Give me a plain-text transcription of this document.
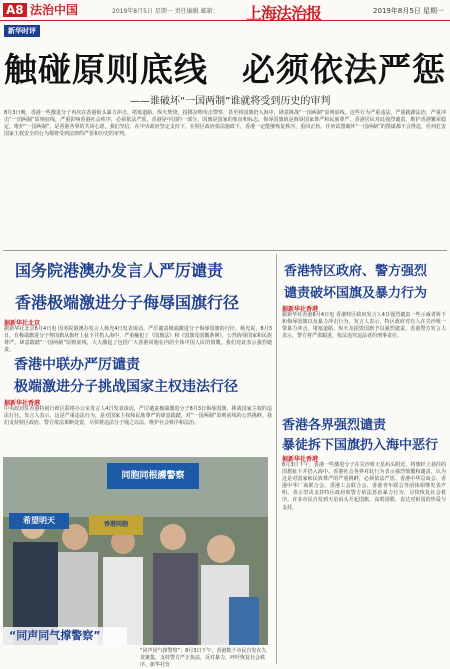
A8 法治中国	2019年8月5日 星期一 责任编辑 邮箱： 上海法治报	2019年8月5日 星期一
新华时评
触碰原则底线　必须依法严惩
——谁破坏“一国两制”谁就将受到历史的审判
8月3日晚，香港一些激进分子再次在香港街头暴力冲击、堵塞道路、纵火焚烧，投掷杂物攻击警察，甚至将国旗扔入海中，肆意挑战“一国两制”原则底线。这些行为严重违法，严重践踏法治，严重冲击“一国两制”原则底线，严重影响香港社会秩序，必须依法严惩。香港是中国的一部分，国旗是国家的象征和标志，侮辱国旗就是侮辱国家尊严和民族尊严。香港居民对此强烈谴责。维护香港繁荣稳定，维护“一国两制”，是香港各界的共同心愿。我们坚信，在中央政府坚定支持下，在特区政府依法施政下，香港一定能够恢复秩序，重回正轨。任何试图破坏“一国两制”的图谋都不会得逞，任何危害国家主权安全的行为都将受到法律的严惩和历史的审判。
国务院港澳办发言人严厉谴责
香港极端激进分子侮辱国旗行径
据新华社北京
据新华社北京8月4日电 国务院港澳办发言人杨光4日发表谈话，严厉谴责极端激进分子侮辱国旗的行径。杨光说，8月3日，有极端激进分子将国旗从旗杆上扯下并扔入海中，严重触犯了《国旗法》和《国旗及国徽条例》，公然侮辱国家和民族尊严，肆意践踏“一国两制”原则底线，大大激起了包括广大香港同胞在内的全体中国人民的愤慨。我们对此表示强烈谴责。
香港中联办严厉谴责
极端激进分子挑战国家主权违法行径
据新华社香港
中央政府驻香港特别行政区联络办公室发言人4日发表谈话，严厉谴责极端激进分子8月3日侮辱国旗、挑战国家主权的违法行径。发言人表示，这是严重违法行为，是对国家主权和民族尊严的肆意践踏，对“一国两制”原则底线的公然挑衅。我们支持特区政府、警方依法果断处置，尽快将违法分子绳之以法，维护社会秩序和法治。
香港特区政府、警方强烈
谴责破坏国旗及暴力行为
据新华社香港
据新华社香港8月4日电 香港特区政府发言人4日强烈谴责一些示威者拆下和侮辱国旗以及暴力冲击行为。发言人表示，特区政府对有人在尖沙咀一带暴力冲击、堵塞道路、纵火及损毁国旗予以强烈谴责。香港警方发言人表示，警方将严肃跟进，依法追究违法者的刑事责任。
香港各界强烈谴责
暴徒拆下国旗扔入海中恶行
据新华社香港
8月3日下午，香港一些激进分子在尖沙咀天星码头附近，将旗杆上悬挂的国旗扯下并扔入海中。香港社会各界对此行为表示强烈愤慨和谴责，认为这是对国家和民族尊严的严重挑衅，必须依法严惩。香港中华总商会、香港中华厂商联合会、香港工会联合会、香港青年联会等团体相继发表声明，表示坚决支持特区政府和警方依法惩治暴力行为，尽快恢复社会秩序。许多市民自发到天星码头升起国旗，高唱国歌，表达对祖国的热爱与支持。
同胞同根護警察
希望明天	香港同胞
“同声同气撑警察”
“同声同气撑警察”：8月3日下午，香港数千市民自发在九龙聚集，支持警方严正执法，反对暴力，呼吁恢复社会秩序。新华社发
